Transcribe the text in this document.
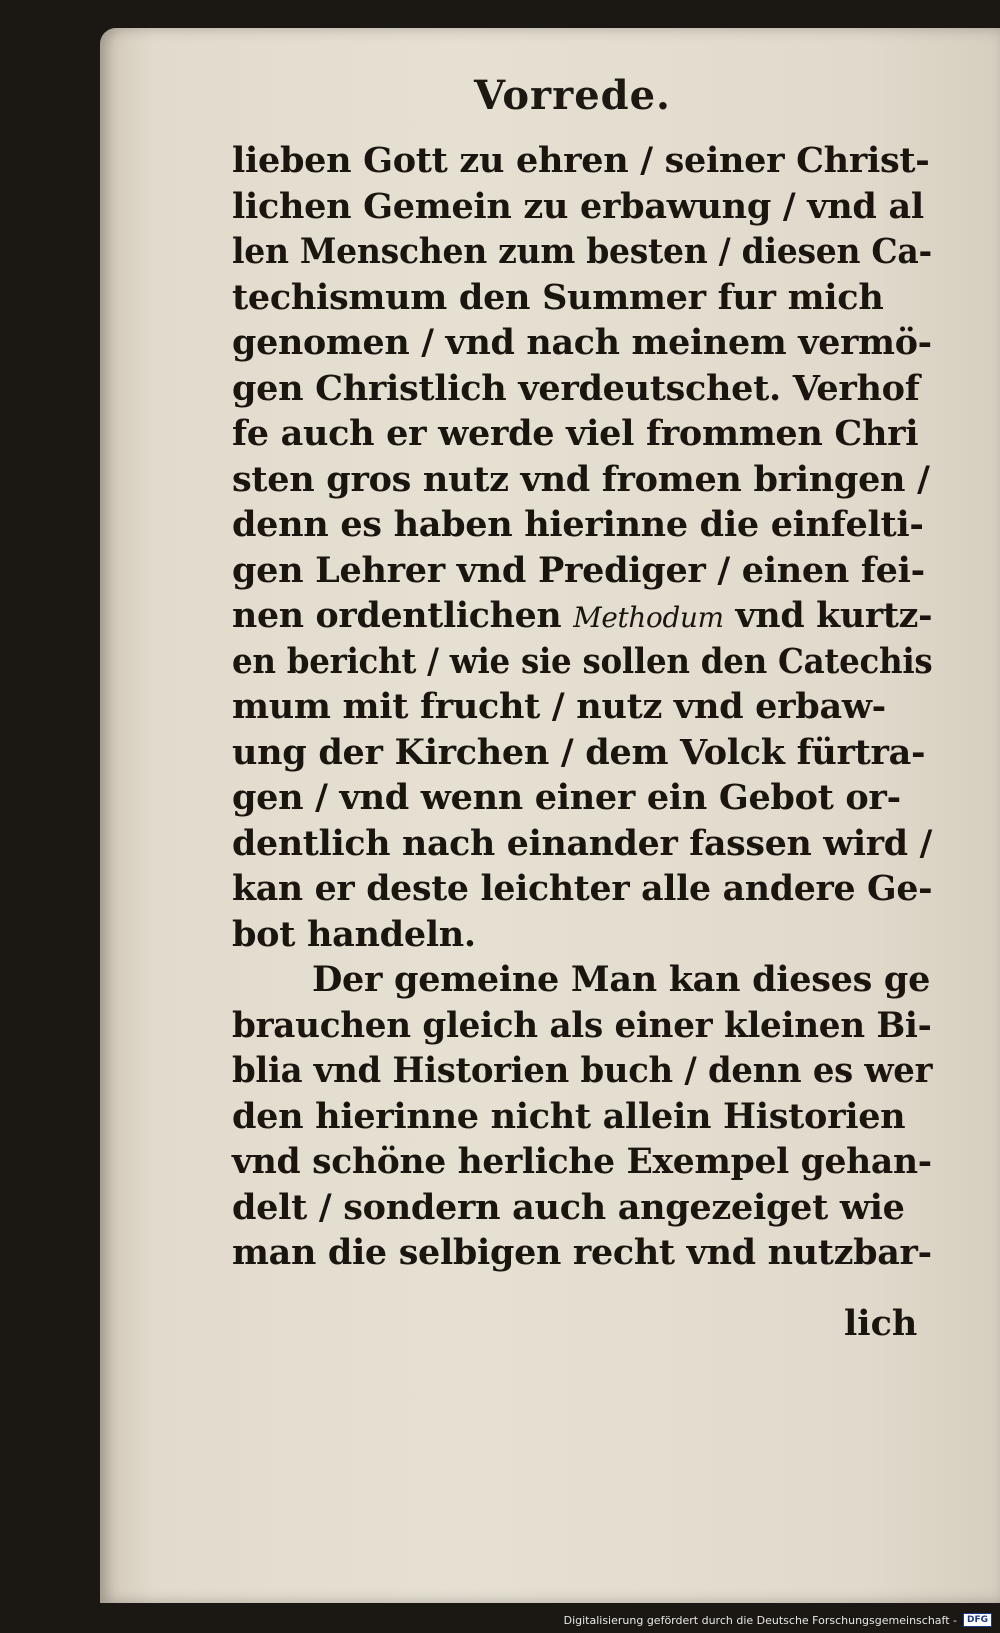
Vorrede.
lieben Gott zu ehren / seiner Christ-
lichen Gemein zu erbawung / vnd al
len Menschen zum besten / diesen Ca-
techismum den Summer fur mich
genomen / vnd nach meinem vermö-
gen Christlich verdeutschet. Verhof
fe auch er werde viel frommen Chri
sten gros nutz vnd fromen bringen /
denn es haben hierinne die einfelti-
gen Lehrer vnd Prediger / einen fei-
nen ordentlichen Methodum vnd kurtz-
en bericht / wie sie sollen den Catechis
mum mit frucht / nutz vnd erbaw-
ung der Kirchen / dem Volck fürtra-
gen / vnd wenn einer ein Gebot or-
dentlich nach einander fassen wird /
kan er deste leichter alle andere Ge-
bot handeln.
Der gemeine Man kan dieses ge
brauchen gleich als einer kleinen Bi-
blia vnd Historien buch / denn es wer
den hierinne nicht allein Historien
vnd schöne herliche Exempel gehan-
delt / sondern auch angezeiget wie
man die selbigen recht vnd nutzbar-
lich
Digitalisierung gefördert durch die Deutsche Forschungsgemeinschaft -	DFG
